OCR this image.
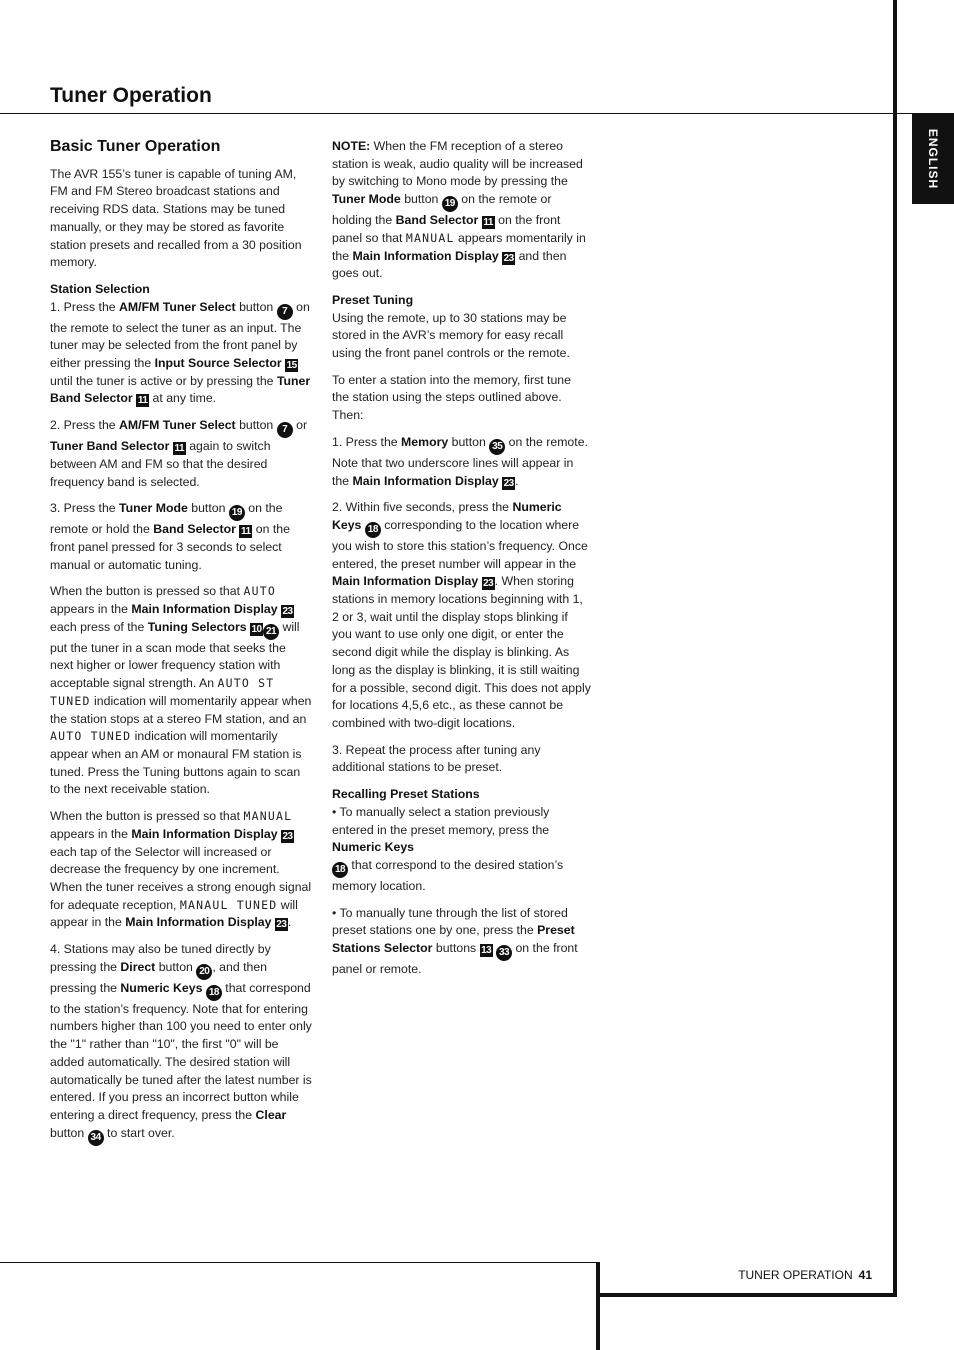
ENGLISH
Tuner Operation
Basic Tuner Operation

The AVR 155’s tuner is capable of tuning AM, FM and FM Stereo broadcast stations and receiving RDS data. Stations may be tuned manually, or they may be stored as favorite station presets and recalled from a 30 position memory.

Station Selection
1. Press the AM/FM Tuner Select button 7 on the remote to select the tuner as an input. The tuner may be selected from the front panel by either pressing the Input Source Selector 15 until the tuner is active or by pressing the Tuner Band Selector 11 at any time.

2. Press the AM/FM Tuner Select button 7 or Tuner Band Selector 11 again to switch between AM and FM so that the desired frequency band is selected.

3. Press the Tuner Mode button 19 on the remote or hold the Band Selector 11 on the front panel pressed for 3 seconds to select manual or automatic tuning.

When the button is pressed so that AUTO appears in the Main Information Display 23 each press of the Tuning Selectors 10 21 will put the tuner in a scan mode that seeks the next higher or lower frequency station with acceptable signal strength. An AUTO ST TUNED indication will momentarily appear when the station stops at a stereo FM station, and an AUTO TUNED indication will momentarily appear when an AM or monaural FM station is tuned. Press the Tuning buttons again to scan to the next receivable station.

When the button is pressed so that MANUAL appears in the Main Information Display 23 each tap of the Selector will increased or decrease the frequency by one increment. When the tuner receives a strong enough signal for adequate reception, MANAUL TUNED will appear in the Main Information Display 23.

4. Stations may also be tuned directly by pressing the Direct button 20 , and then pressing the Numeric Keys 18 that correspond to the station’s frequency. Note that for entering numbers higher than 100 you need to enter only the "1" rather than "10", the first "0" will be added automatically. The desired station will automatically be tuned after the latest number is entered. If you press an incorrect button while entering a direct frequency, press the Clear button 34 to start over.

NOTE: When the FM reception of a stereo station is weak, audio quality will be increased by switching to Mono mode by pressing the Tuner Mode button 19 on the remote or holding the Band Selector 11 on the front panel so that MANUAL appears momentarily in the Main Information Display 23 and then goes out.

Preset Tuning
Using the remote, up to 30 stations may be stored in the AVR’s memory for easy recall using the front panel controls or the remote.

To enter a station into the memory, first tune the station using the steps outlined above. Then:

1. Press the Memory button 35 on the remote. Note that two underscore lines will appear in the Main Information Display 23.

2. Within five seconds, press the Numeric Keys 18 corresponding to the location where you wish to store this station’s frequency. Once entered, the preset number will appear in the Main Information Display 23. When storing stations in memory locations beginning with 1, 2 or 3, wait until the display stops blinking if you want to use only one digit, or enter the second digit while the display is blinking. As long as the display is blinking, it is still waiting for a possible, second digit. This does not apply for locations 4,5,6 etc., as these cannot be combined with two-digit locations.

3. Repeat the process after tuning any additional stations to be preset.

Recalling Preset Stations
• To manually select a station previously entered in the preset memory, press the Numeric Keys
18 that correspond to the desired station’s memory location.

• To manually tune through the list of stored preset stations one by one, press the Preset Stations Selector buttons 13 33 on the front panel or remote.

TUNER OPERATION 41
